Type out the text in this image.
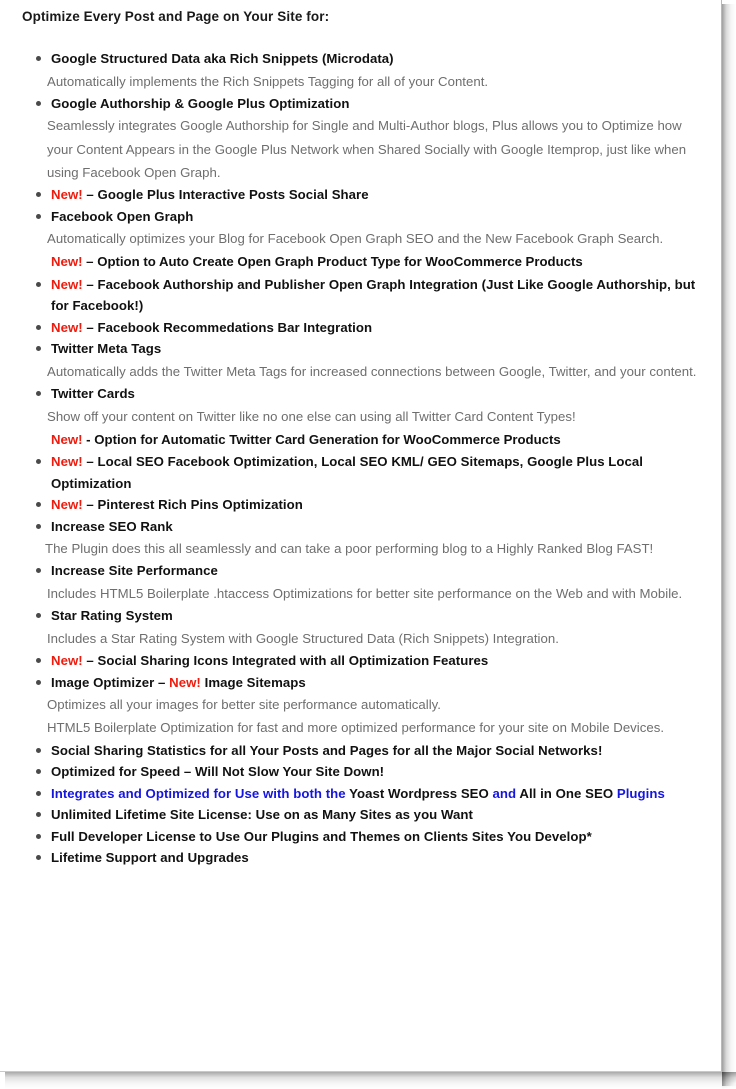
Optimize Every Post and Page on Your Site for:
Google Structured Data aka Rich Snippets (Microdata)
Automatically implements the Rich Snippets Tagging for all of your Content.
Google Authorship & Google Plus Optimization
Seamlessly integrates Google Authorship for Single and Multi-Author blogs, Plus allows you to Optimize how your Content Appears in the Google Plus Network when Shared Socially with Google Itemprop, just like when using Facebook Open Graph.
New! – Google Plus Interactive Posts Social Share
Facebook Open Graph
Automatically optimizes your Blog for Facebook Open Graph SEO and the New Facebook Graph Search.
New! – Option to Auto Create Open Graph Product Type for WooCommerce Products
New! – Facebook Authorship and Publisher Open Graph Integration (Just Like Google Authorship, but for Facebook!)
New! – Facebook Recommedations Bar Integration
Twitter Meta Tags
Automatically adds the Twitter Meta Tags for increased connections between Google, Twitter, and your content.
Twitter Cards
Show off your content on Twitter like no one else can using all Twitter Card Content Types!
New! - Option for Automatic Twitter Card Generation for WooCommerce Products
New! – Local SEO Facebook Optimization, Local SEO KML/ GEO Sitemaps, Google Plus Local Optimization
New! – Pinterest Rich Pins Optimization
Increase SEO Rank
The Plugin does this all seamlessly and can take a poor performing blog to a Highly Ranked Blog FAST!
Increase Site Performance
Includes HTML5 Boilerplate .htaccess Optimizations for better site performance on the Web and with Mobile.
Star Rating System
Includes a Star Rating System with Google Structured Data (Rich Snippets) Integration.
New! – Social Sharing Icons Integrated with all Optimization Features
Image Optimizer – New! Image Sitemaps
Optimizes all your images for better site performance automatically.
HTML5 Boilerplate Optimization for fast and more optimized performance for your site on Mobile Devices.
Social Sharing Statistics for all Your Posts and Pages for all the Major Social Networks!
Optimized for Speed – Will Not Slow Your Site Down!
Integrates and Optimized for Use with both the Yoast Wordpress SEO and All in One SEO Plugins
Unlimited Lifetime Site License: Use on as Many Sites as you Want
Full Developer License to Use Our Plugins and Themes on Clients Sites You Develop*
Lifetime Support and Upgrades
